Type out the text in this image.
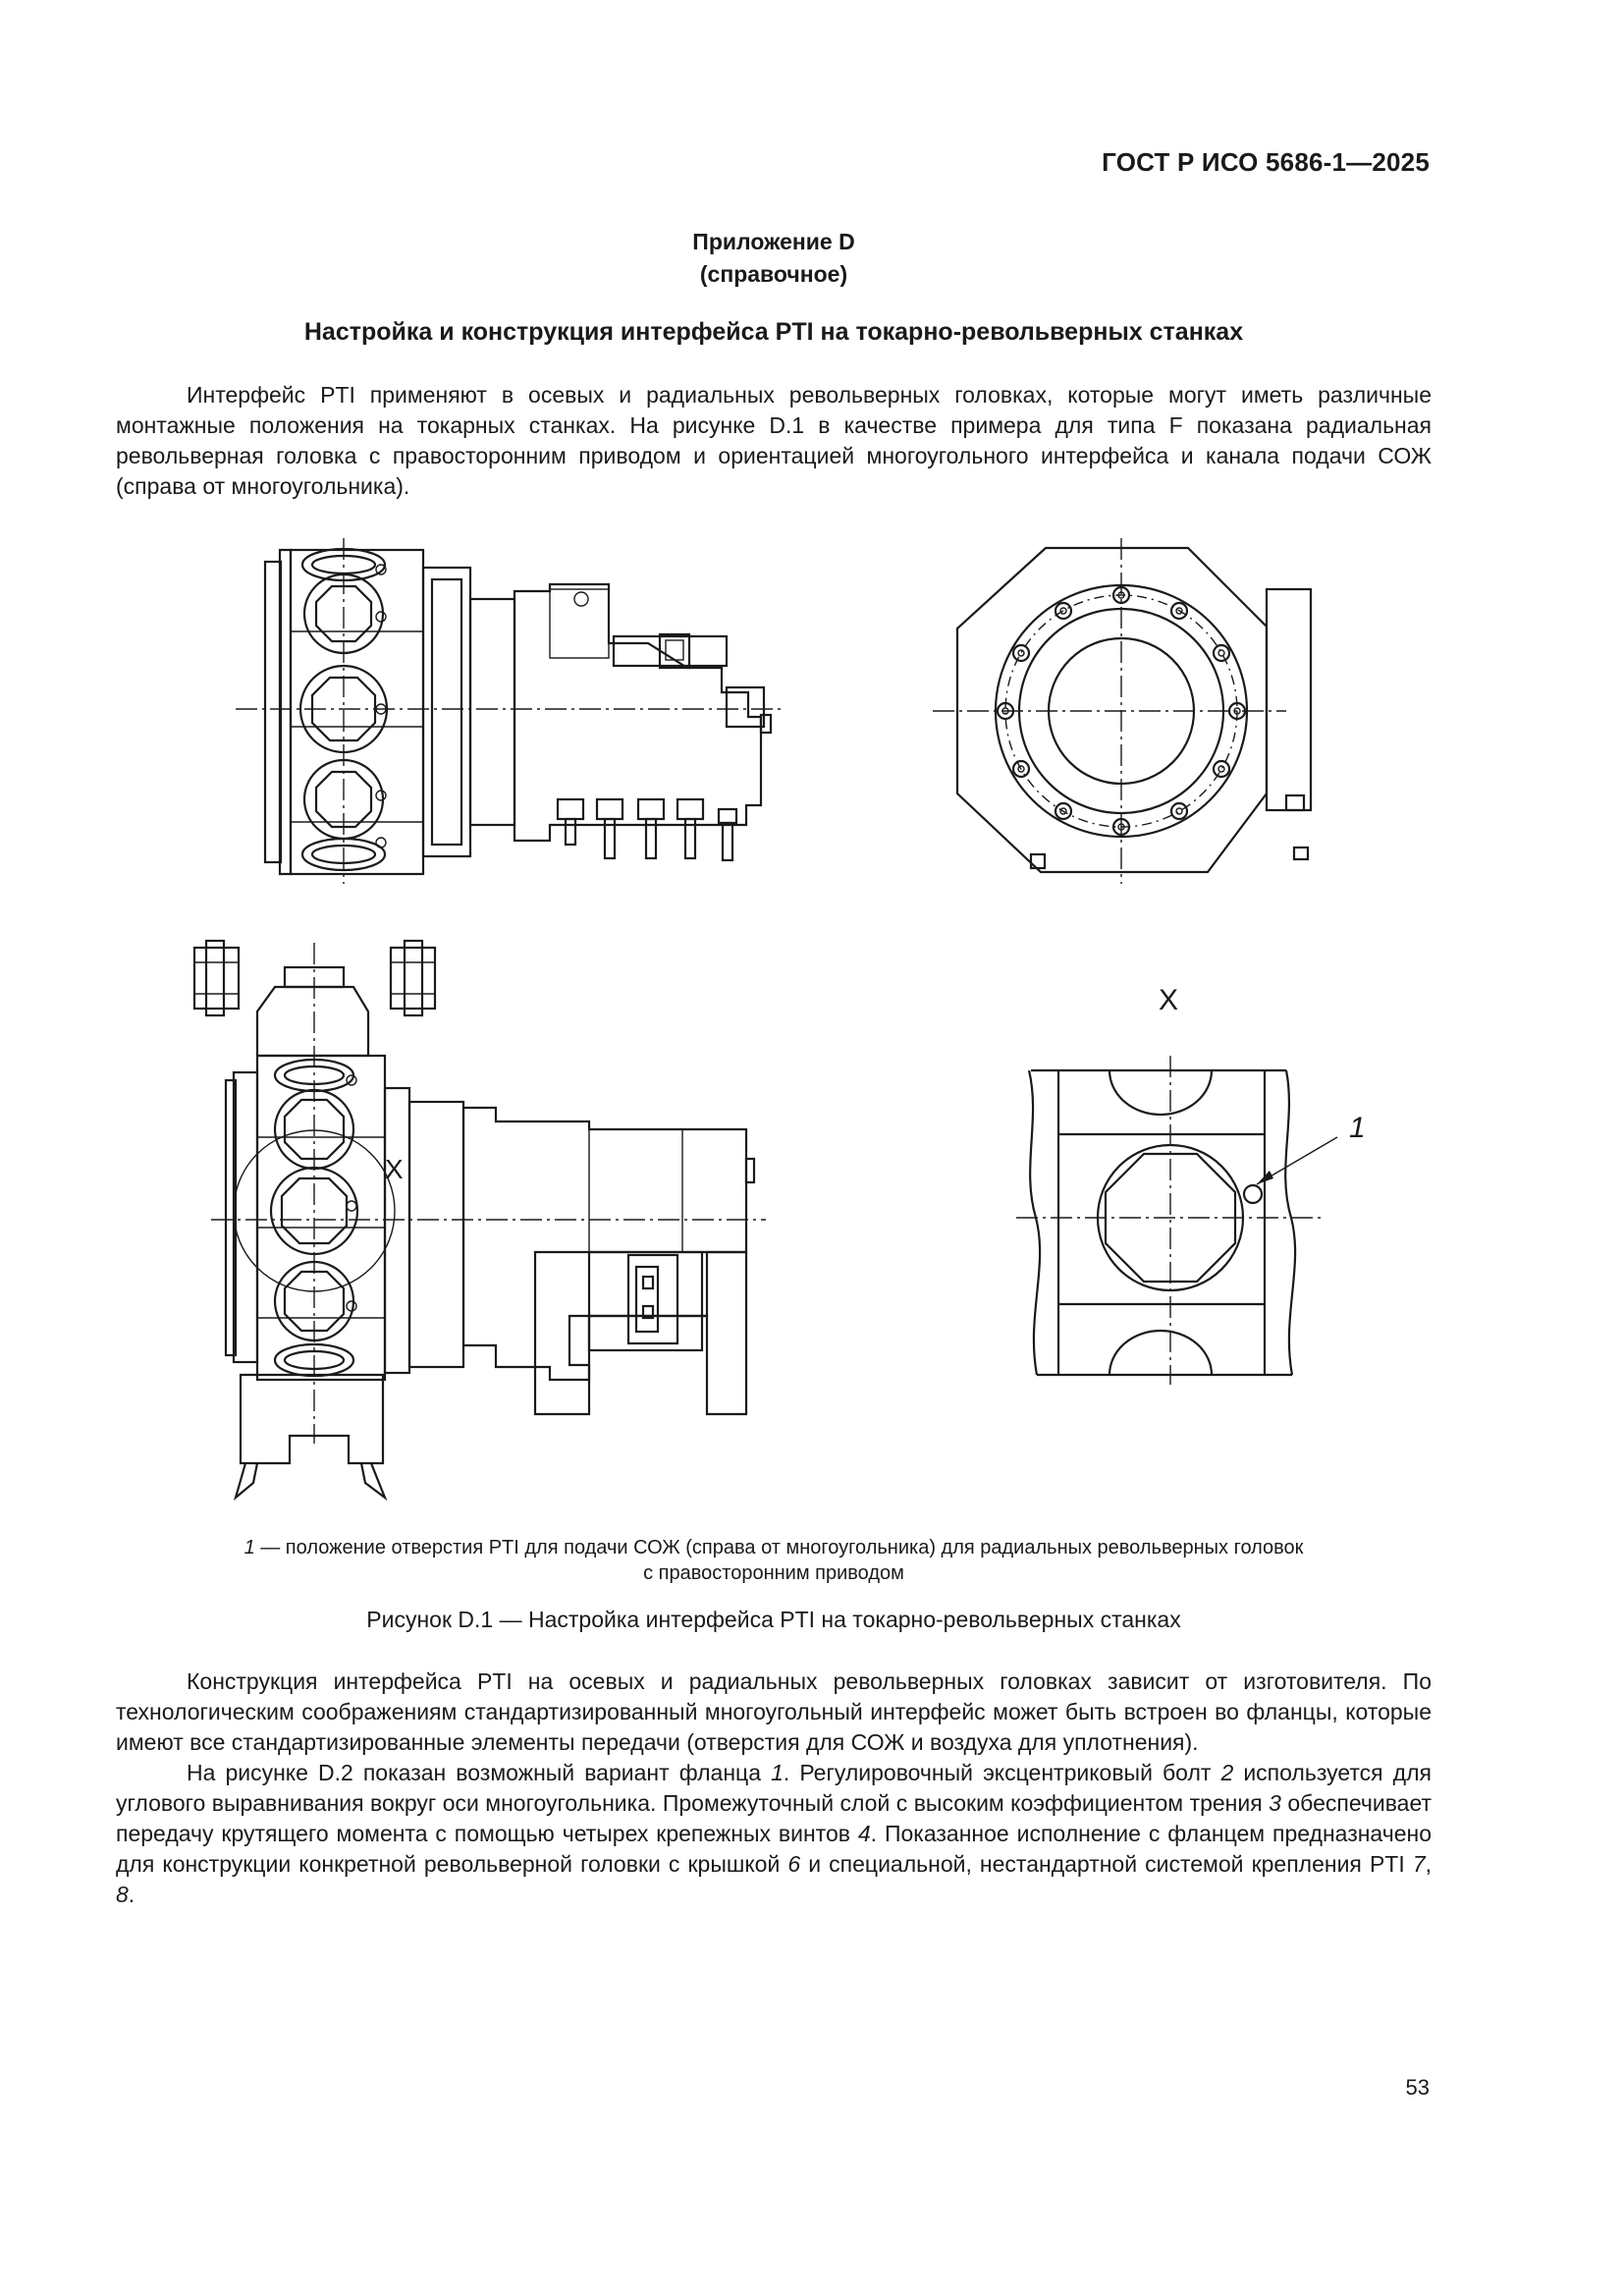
ГОСТ Р ИСО 5686-1—2025
Приложение D
(справочное)
Настройка и конструкция интерфейса PTI на токарно-револьверных станках

Интерфейс PTI применяют в осевых и радиальных револьверных головках, которые могут иметь различные монтажные положения на токарных станках. На рисунке D.1 в качестве примера для типа F показана радиальная револьверная головка с правосторонним приводом и ориентацией многоугольного интерфейса и канала подачи СОЖ (справа от многоугольника).

X
X
1
1 — положение отверстия PTI для подачи СОЖ (справа от многоугольника) для радиальных револьверных головок
с правосторонним приводом
Рисунок D.1 — Настройка интерфейса PTI на токарно-револьверных станках

Конструкция интерфейса PTI на осевых и радиальных револьверных головках зависит от изготовителя. По технологическим соображениям стандартизированный многоугольный интерфейс может быть встроен во фланцы, которые имеют все стандартизированные элементы передачи (отверстия для СОЖ и воздуха для уплотнения).

На рисунке D.2 показан возможный вариант фланца 1. Регулировочный эксцентриковый болт 2 используется для углового выравнивания вокруг оси многоугольника. Промежуточный слой с высоким коэффициентом трения 3 обеспечивает передачу крутящего момента с помощью четырех крепежных винтов 4. Показанное исполнение с фланцем предназначено для конструкции конкретной револьверной головки с крышкой 6 и специальной, нестандартной системой крепления PTI 7, 8.

53
